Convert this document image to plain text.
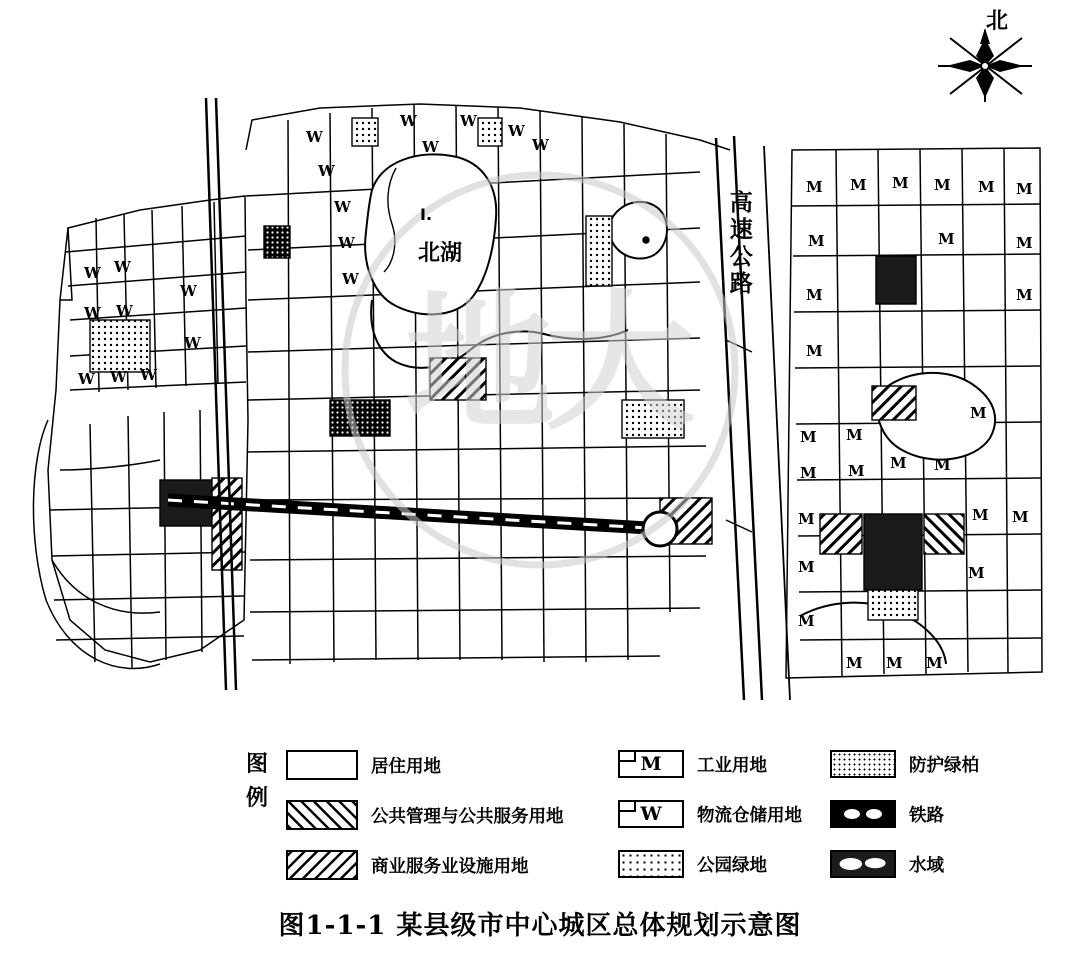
北
W
W
W
W
W
W
W
W
W
W
W W
W W
W
W
W W W
M M M M M M
M	M	M
M
M
M
M
M M
M M M M
M	M M
M	M
M
M M M
地
大
I.
北湖	高速公路
图例
居住用地	M	工业用地	防护绿柏
公共管理与公共服务用地	W	物流仓储用地	铁路
商业服务业设施用地	公园绿地	水域
图1-1-1 某县级市中心城区总体规划示意图
